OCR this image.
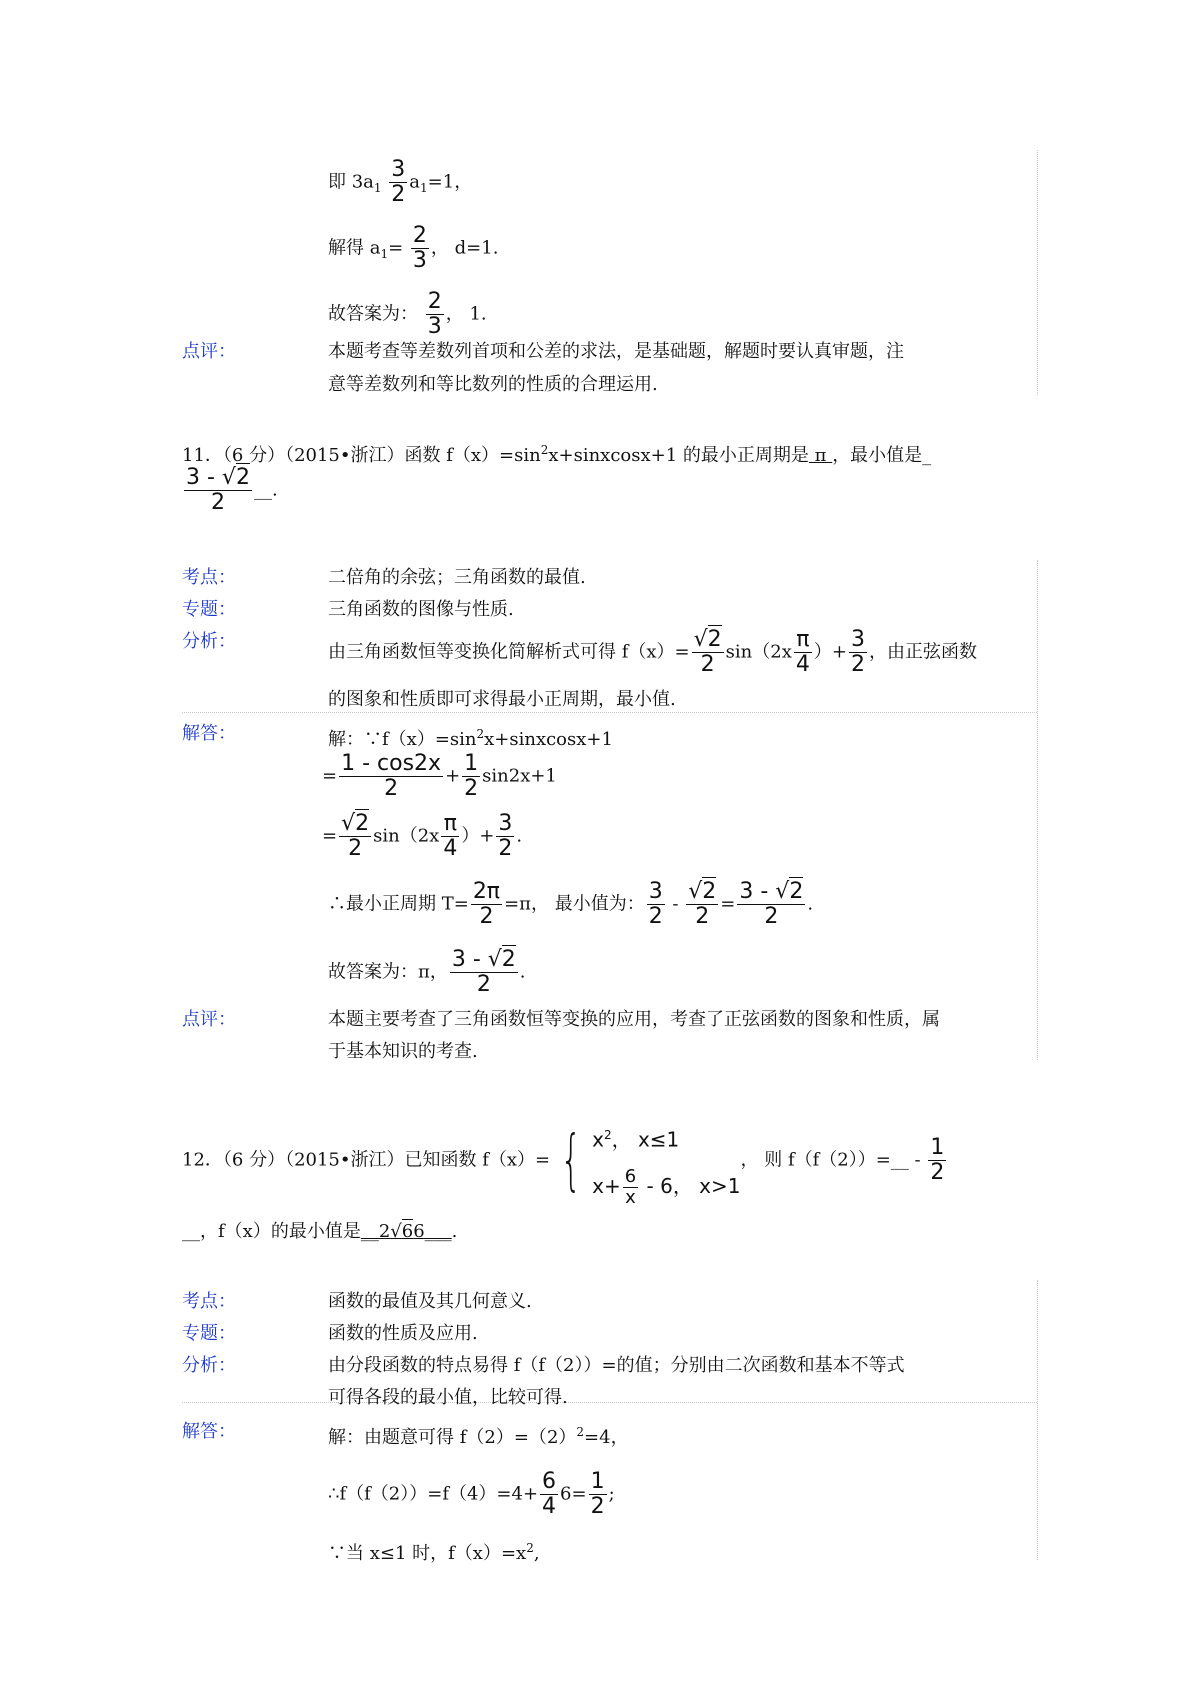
即 $3a_1 \frac{3}{2} a_1=1$，
解得 $a_1= \frac{2}{3}$ ， d=1.
故答案为： $\frac{2}{3}$ ， 1.
点评：	本题考查等差数列首项和公差的求法，是基础题，解题时要认真审题，注
意等差数列和等比数列的性质的合理运用.
11．（6 分）（2015•浙江）函数 $f(x)=\sin^2x+sinxcosx+1$ 的最小正周期是 π ，最小值是_
$\frac{3 - √2}{2}$ __.
考点：	二倍角的余弦；三角函数的最值.
专题：	三角函数的图像与性质.
分析：	由三角函数恒等变换化简解析式可得 $f(x)= \frac{√2}{2} \sin(2x \frac{\pi}{4}$ ）+ $\frac{3}{2}$ ，由正弦函数
的图象和性质即可求得最小正周期，最小值.
解答：	解：$\because f(x)=\sin^2x+sinxcosx+1$
= $\frac{1 - \cos 2x}{2} + \frac{1}{2} \sin 2x+1$
= $\frac{√2}{2} \sin(2x \frac{\pi}{4}$ ）+ $\frac{3}{2}$ .
∴最小正周期 $T= \frac{2\pi}{2} =\pi$， 最小值为： $\frac{3}{2} - \frac{√2}{2} = \frac{3 - √2}{2}$ .
故答案为：π， $\frac{3 - √2}{2}$ .
点评：	本题主要考查了三角函数恒等变换的应用，考查了正弦函数的图象和性质，属
于基本知识的考查.
12．（6 分）（2015•浙江）已知函数 f（x）= { $x^2$， x≤1
$x+ \frac{6}{x} - 6$， x>1
， 则 f（f（2））=__ - $\frac{1}{2}$
__，f（x）的最小值是__2√66___.
考点：	函数的最值及其几何意义.
专题：	函数的性质及应用.
分析：	由分段函数的特点易得 f（f（2））=的值；分别由二次函数和基本不等式
可得各段的最小值，比较可得.
解答：	解：由题意可得 $f(2)=(2)^2=4$，
∴f（f（2））=f（4）=4+ $\frac{6}{4} 6= \frac{1}{2}$ ;
∵当 x≤1 时，$f(x)=x^2$,
